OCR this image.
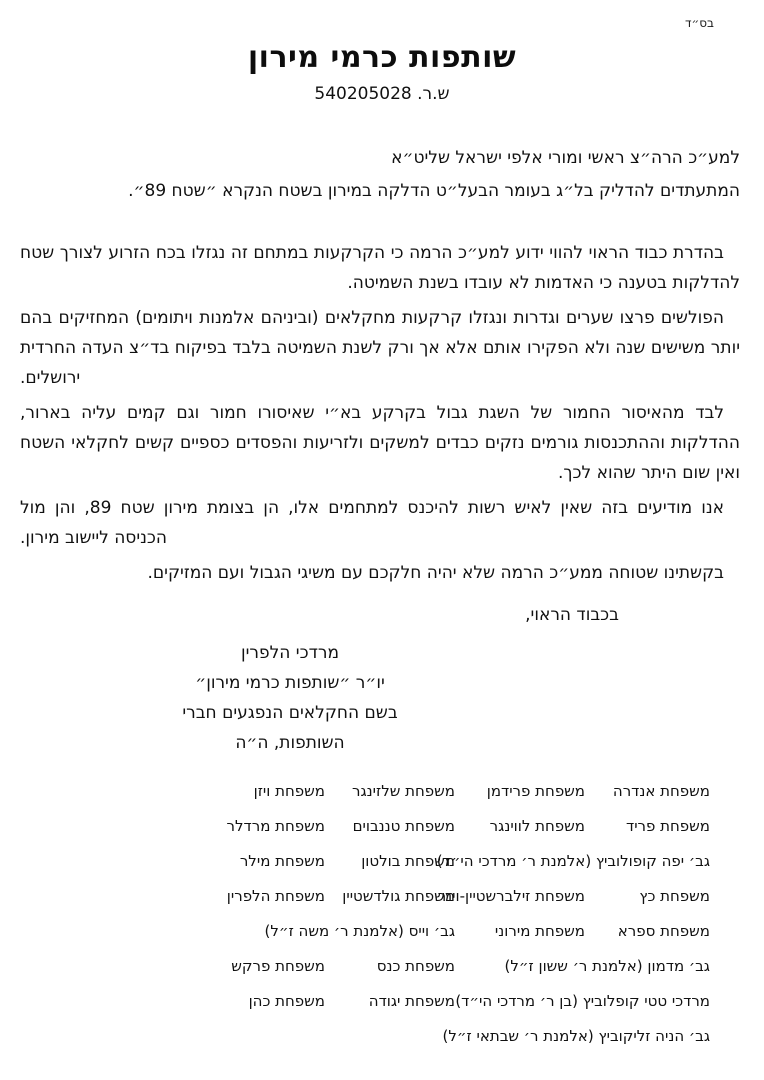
בס״ד
שותפות כרמי מירון
ש.ר. 540205028
למע״כ הרה״צ ראשי ומורי אלפי ישראל שליט״א
המתעתדים להדליק בל״ג בעומר הבעל״ט הדלקה במירון בשטח הנקרא ״שטח 89״.

בהדרת כבוד הראוי להווי ידוע למע״כ הרמה כי הקרקעות במתחם זה נגזלו בכח הזרוע לצורך שטח להדלקות בטענה כי האדמות לא עובדו בשנת השמיטה.

הפולשים פרצו שערים וגדרות ונגזלו קרקעות מחקלאים (וביניהם אלמנות ויתומים) המחזיקים בהם יותר משישים שנה ולא הפקירו אותם אלא אך ורק לשנת השמיטה בלבד בפיקוח בד״צ העדה החרדית ירושלים.

לבד מהאיסור החמור של השגת גבול בקרקע בא״י שאיסורו חמור וגם קמים עליה בארור, ההדלקות וההתכנסות גורמים נזקים כבדים למשקים ולזריעות והפסדים כספיים קשים לחקלאי השטח ואין שום היתר שהוא לכך.

אנו מודיעים בזה שאין לאיש רשות להיכנס למתחמים אלו, הן בצומת מירון שטח 89, והן מול הכניסה ליישוב מירון.

בקשתינו שטוחה ממע״כ הרמה שלא יהיה חלקכם עם משיגי הגבול ועם המזיקים.

בכבוד הראוי,
מרדכי הלפרין
יו״ר ״שותפות כרמי מירון״
בשם החקלאים הנפגעים חברי השותפות, ה״ה
משפחת אנדרה
משפחת פרידמן
משפחת שלזינגר
משפחת ויזן
משפחת פריד
משפחת לווינגר
משפחת טננבוים
משפחת מרדלר
גב׳ יפה קופולוביץ (אלמנת ר׳ מרדכי הי״ד)
משפחת בולטון
משפחת מילר
משפחת כץ
משפחת זילברשטיין-וינר
משפחת גולדשטיין
משפחת הלפרין
משפחת ספרא
משפחת מירוני
גב׳ וייס (אלמנת ר׳ משה ז״ל)
גב׳ מדמון (אלמנת ר׳ ששון ז״ל)
משפחת כנס
משפחת פרקש
מרדכי טטי קופלוביץ (בן ר׳ מרדכי הי״ד)
משפחת יגודה
משפחת כהן
גב׳ הניה זליקוביץ (אלמנת ר׳ שבתאי ז״ל)
